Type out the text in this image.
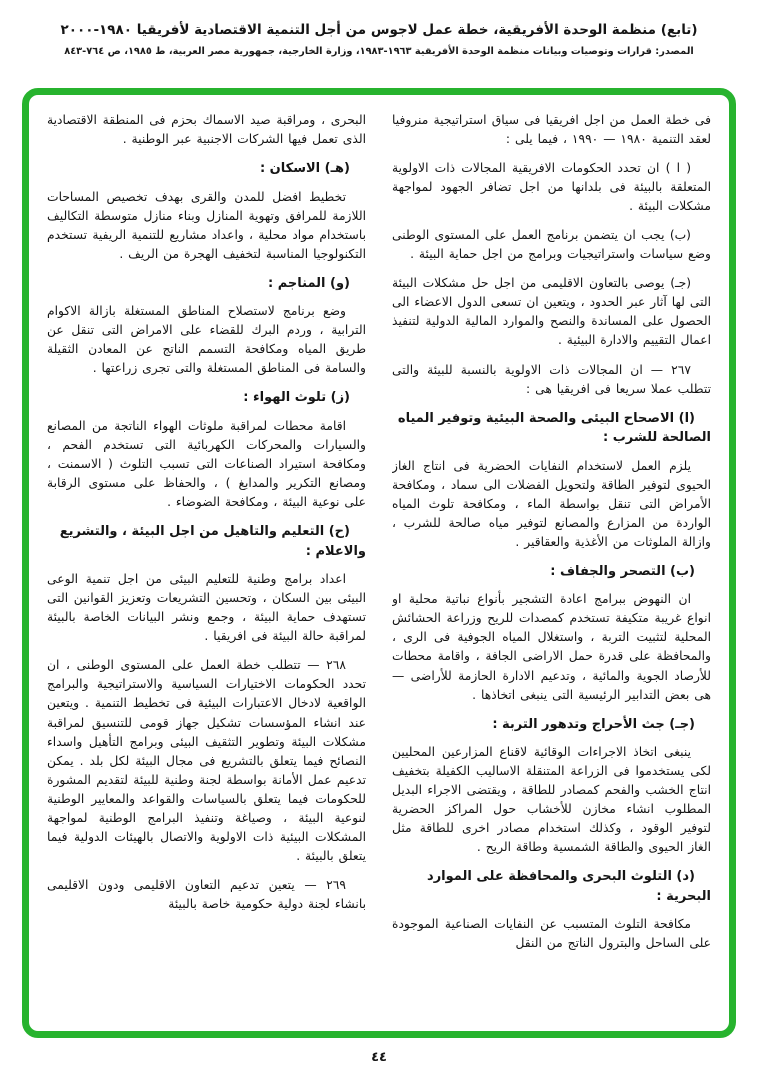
(تابع) منظمة الوحدة الأفريقية، خطة عمل لاجوس من أجل التنمية الاقتصادية لأفريقيا ١٩٨٠-٢٠٠٠

المصدر: قرارات وتوصيات وبيانات منظمة الوحدة الأفريقية ١٩٦٣-١٩٨٣، وزارة الخارجية، جمهورية مصر العربية، ط ١٩٨٥، ص ٧٦٤-٨٤٣

فى خطة العمل من اجل افريقيا فى سياق استراتيجية منروفيا لعقد التنمية ١٩٨٠ — ١٩٩٠ ، فيما يلى :

( ا ) ان تحدد الحكومات الافريقية المجالات ذات الاولوية المتعلقة بالبيئة فى بلدانها من اجل تضافر الجهود لمواجهة مشكلات البيئة .

(ب) يجب ان يتضمن برنامج العمل على المستوى الوطنى وضع سياسات واستراتيجيات وبرامج من اجل حماية البيئة .

(جـ) يوصى بالتعاون الاقليمى من اجل حل مشكلات البيئة التى لها آثار عبر الحدود ، ويتعين ان تسعى الدول الاعضاء الى الحصول على المساندة والنصح والموارد المالية الدولية لتنفيذ اعمال التقييم والادارة البيئية .

٢٦٧ — ان المجالات ذات الاولوية بالنسبة للبيئة والتى تتطلب عملا سريعا فى افريقيا هى :

(ا) الاصحاح البيئى والصحة البيئية وتوفير المياه الصالحة للشرب :

يلزم العمل لاستخدام النفايات الحضرية فى انتاج الغاز الحيوى لتوفير الطاقة ولتحويل الفضلات الى سماد ، ومكافحة الأمراض التى تنقل بواسطة الماء ، ومكافحة تلوث المياه الواردة من المزارع والمصانع لتوفير مياه صالحة للشرب ، وازالة الملوثات من الأغذية والعقاقير .

(ب) التصحر والجفاف :

ان النهوض ببرامج اعادة التشجير بأنواع نباتية محلية او انواع غريبة متكيفة تستخدم كمصدات للريح وزراعة الحشائش المحلية لتثبيت التربة ، واستغلال المياه الجوفية فى الرى ، والمحافظة على قدرة حمل الاراضى الجافة ، واقامة محطات للأرصاد الجوية والمائية ، وتدعيم الادارة الحازمة للأراضى — هى بعض التدابير الرئيسية التى ينبغى اتخاذها .

(جـ) جث الأحراج وتدهور التربة :

ينبغى اتخاذ الاجراءات الوقائية لاقناع المزارعين المحليين لكى يستخدموا فى الزراعة المتنقلة الاساليب الكفيلة بتخفيف انتاج الخشب والفحم كمصادر للطاقة ، ويقتضى الاجراء البديل المطلوب انشاء مخازن للأخشاب حول المراكز الحضرية لتوفير الوقود ، وكذلك استخدام مصادر اخرى للطاقة مثل الغاز الحيوى والطاقة الشمسية وطاقة الريح .

(د) التلوث البحرى والمحافظة على الموارد البحرية :

مكافحة التلوث المتسبب عن النفايات الصناعية الموجودة على الساحل والبترول الناتج من النقل

البحرى ، ومراقبة صيد الاسماك بحزم فى المنطقة الاقتصادية الذى تعمل فيها الشركات الاجنبية عبر الوطنية .

(هـ) الاسكان :

تخطيط افضل للمدن والقرى بهدف تخصيص المساحات اللازمة للمرافق وتهوية المنازل وبناء منازل متوسطة التكاليف باستخدام مواد محلية ، واعداد مشاريع للتنمية الريفية تستخدم التكنولوجيا المناسبة لتخفيف الهجرة من الريف .

(و) المناجم :

وضع برنامج لاستصلاح المناطق المستغلة بازالة الاكوام الترابية ، وردم البرك للقضاء على الامراض التى تنقل عن طريق المياه ومكافحة التسمم الناتج عن المعادن الثقيلة والسامة فى المناطق المستغلة والتى تجرى زراعتها .

(ز) تلوث الهواء :

اقامة محطات لمراقبة ملوثات الهواء الناتجة من المصانع والسيارات والمحركات الكهربائية التى تستخدم الفحم ، ومكافحة استيراد الصناعات التى تسبب التلوث ( الاسمنت ، ومصانع التكرير والمدابغ ) ، والحفاظ على مستوى الرقابة على نوعية البيئة ، ومكافحة الضوضاء .

(ح) التعليم والتاهيل من اجل البيئة ، والتشريع والاعلام :

اعداد برامج وطنية للتعليم البيئى من اجل تنمية الوعى البيئى بين السكان ، وتحسين التشريعات وتعزيز القوانين التى تستهدف حماية البيئة ، وجمع ونشر البيانات الخاصة بالبيئة لمراقبة حالة البيئة فى افريقيا .

٢٦٨ — تتطلب خطة العمل على المستوى الوطنى ، ان تحدد الحكومات الاختيارات السياسية والاستراتيجية والبرامج الواقعية لادخال الاعتبارات البيئية فى تخطيط التنمية . ويتعين عند انشاء المؤسسات تشكيل جهاز قومى للتنسيق لمراقبة مشكلات البيئة وتطوير التثقيف البيئى وبرامج التأهيل واسداء النصائح فيما يتعلق بالتشريع فى مجال البيئة لكل بلد . يمكن تدعيم عمل الأمانة بواسطة لجنة وطنية للبيئة لتقديم المشورة للحكومات فيما يتعلق بالسياسات والقواعد والمعايير الوطنية لنوعية البيئة ، وصياغة وتنفيذ البرامج الوطنية لمواجهة المشكلات البيئية ذات الاولوية والاتصال بالهيئات الدولية فيما يتعلق بالبيئة .

٢٦٩ — يتعين تدعيم التعاون الاقليمى ودون الاقليمى بانشاء لجنة دولية حكومية خاصة بالبيئة

٤٤
